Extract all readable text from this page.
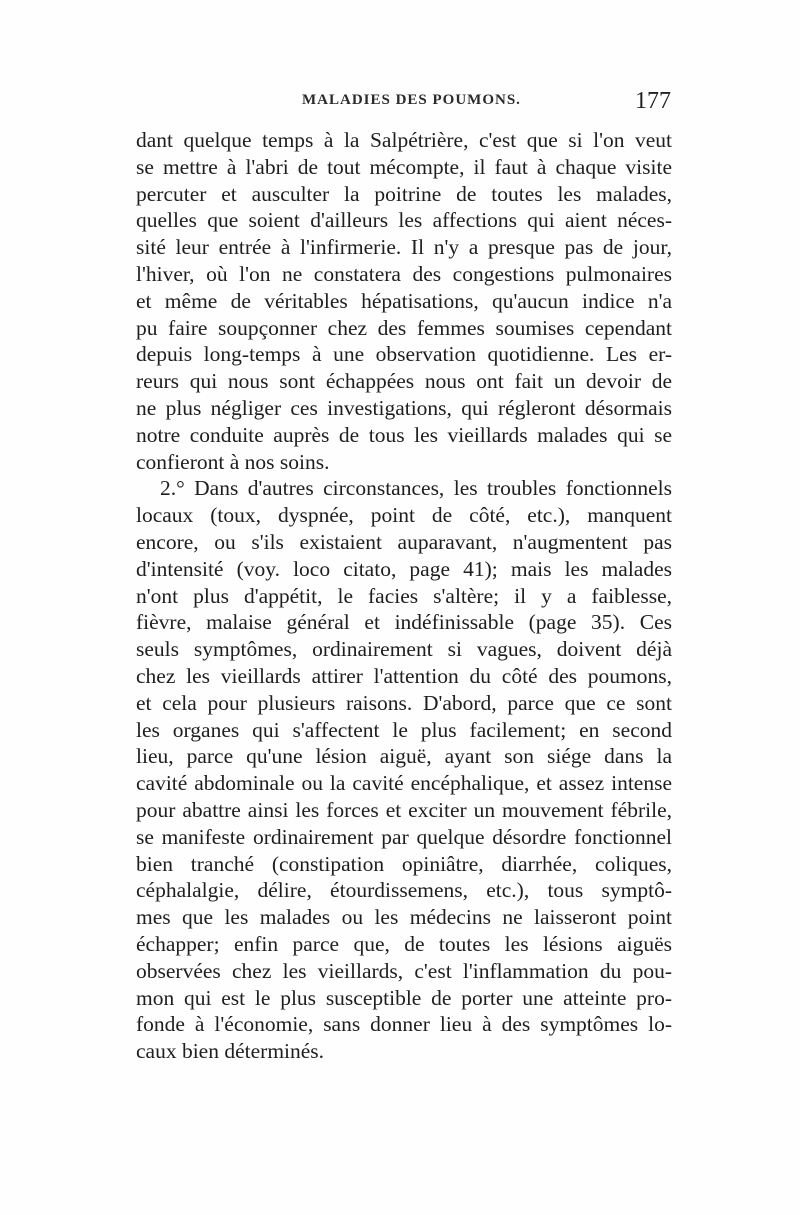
MALADIES DES POUMONS.	177
dant quelque temps à la Salpétrière, c'est que si l'on veut
se mettre à l'abri de tout mécompte, il faut à chaque visite
percuter et ausculter la poitrine de toutes les malades,
quelles que soient d'ailleurs les affections qui aient néces-
sité leur entrée à l'infirmerie. Il n'y a presque pas de jour,
l'hiver, où l'on ne constatera des congestions pulmonaires
et même de véritables hépatisations, qu'aucun indice n'a
pu faire soupçonner chez des femmes soumises cependant
depuis long-temps à une observation quotidienne. Les er-
reurs qui nous sont échappées nous ont fait un devoir de
ne plus négliger ces investigations, qui régleront désormais
notre conduite auprès de tous les vieillards malades qui se
confieront à nos soins.
2.° Dans d'autres circonstances, les troubles fonctionnels
locaux (toux, dyspnée, point de côté, etc.), manquent
encore, ou s'ils existaient auparavant, n'augmentent pas
d'intensité (voy. loco citato, page 41); mais les malades
n'ont plus d'appétit, le facies s'altère; il y a faiblesse,
fièvre, malaise général et indéfinissable (page 35). Ces
seuls symptômes, ordinairement si vagues, doivent déjà
chez les vieillards attirer l'attention du côté des poumons,
et cela pour plusieurs raisons. D'abord, parce que ce sont
les organes qui s'affectent le plus facilement; en second
lieu, parce qu'une lésion aiguë, ayant son siége dans la
cavité abdominale ou la cavité encéphalique, et assez intense
pour abattre ainsi les forces et exciter un mouvement fébrile,
se manifeste ordinairement par quelque désordre fonctionnel
bien tranché (constipation opiniâtre, diarrhée, coliques,
céphalalgie, délire, étourdissemens, etc.), tous symptô-
mes que les malades ou les médecins ne laisseront point
échapper; enfin parce que, de toutes les lésions aiguës
observées chez les vieillards, c'est l'inflammation du pou-
mon qui est le plus susceptible de porter une atteinte pro-
fonde à l'économie, sans donner lieu à des symptômes lo-
caux bien déterminés.
